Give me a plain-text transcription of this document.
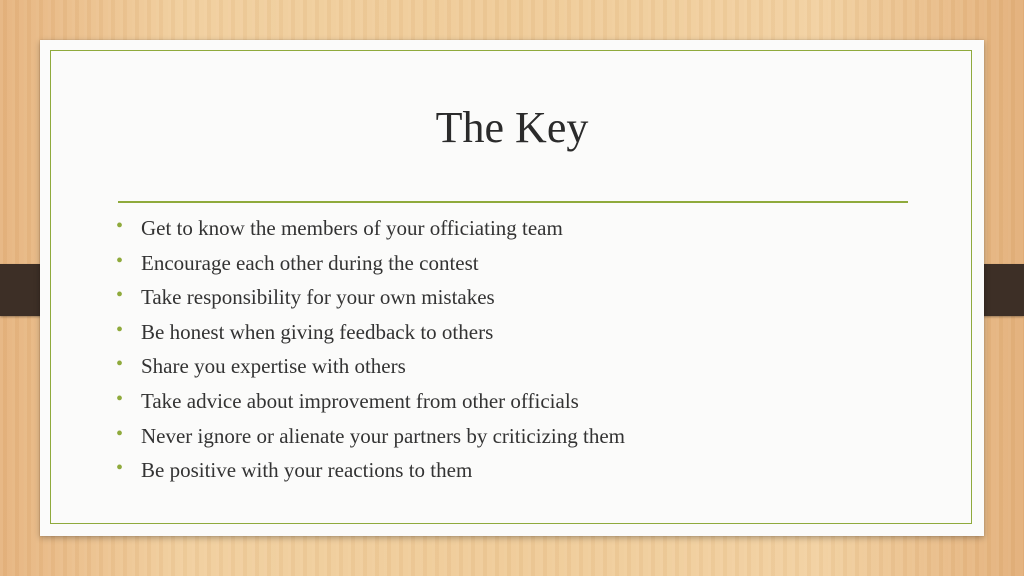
The Key
• Get to know the members of your officiating team
• Encourage each other during the contest
• Take responsibility for your own mistakes
• Be honest when giving feedback to others
• Share you expertise with others
• Take advice about improvement from other officials
• Never ignore or alienate your partners by criticizing them
• Be positive with your reactions to them
